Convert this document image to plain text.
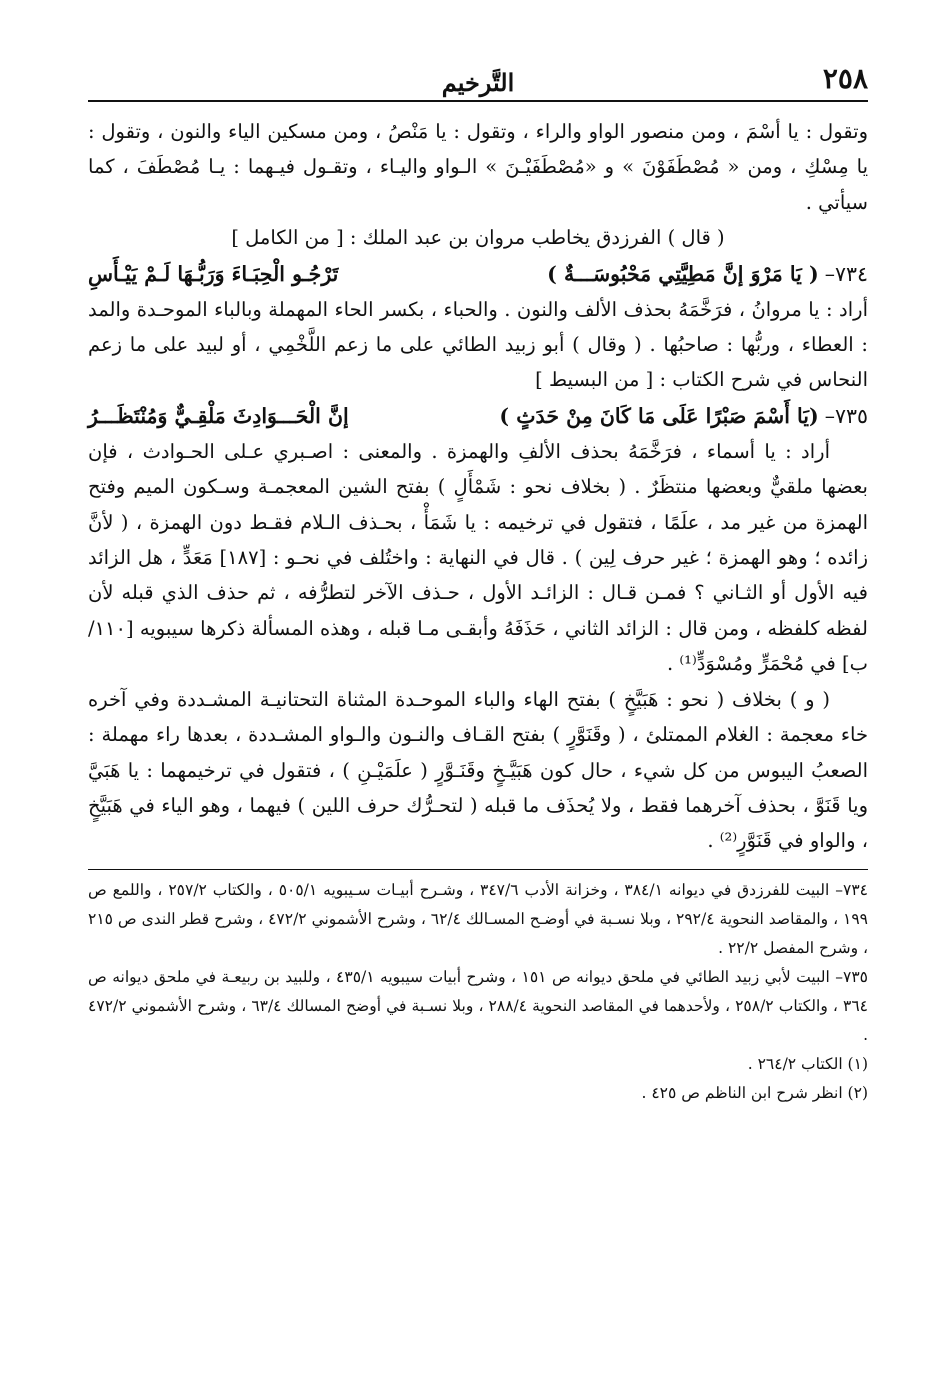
٢٥٨
التَّرخيم

وتقول : يا أسْمَ ، ومن منصور الواو والراء ، وتقول : يا مَنْصُ ، ومن مسكين الياء والنون ، وتقول : يا مِسْكِ ، ومن « مُصْطَفَوْنَ » و «مُصْطَفَيْـنَ » الـواو واليـاء ، وتقـول فيـهما : يـا مُصْطَفَ ، كما سيأتي .

( قال ) الفرزدق يخاطب مروان بن عبد الملك : [ من الكامل ]

٧٣٤–( يَا مَرْوَ إنَّ مَطِيَّتِي مَحْبُوسَـــةٌ )
تَرْجُـو الْحِبَـاءَ وَرَبُّـهَا لَـمْ يَيْـأَسِ

أراد : يا مروانُ ، فرَخَّمَهُ بحذف الألف والنون . والحباء ، بكسر الحاء المهملة وبالباء الموحـدة والمد : العطاء ، وربُّها : صاحبُها . ( وقال ) أبو زبيد الطائي على ما زعم اللَّخْمِي ، أو لبيد على ما زعم النحاس في شرح الكتاب : [ من البسيط ]

٧٣٥–(يَا أَسْمَ صَبْرًا عَلَى مَا كَانَ مِنْ حَدَثٍ )
إنَّ الْحَـــوَادِثَ مَلْقِـيٌّ وَمُنْتَظَـــرُ

أراد : يا أسماء ، فرَخَّمَهُ بحذف الألفِ والهمزة . والمعنى : اصـبري عـلى الحـوادث ، فإن بعضها ملقيٌّ وبعضها منتظَرٌ . ( بخلاف نحو : شَمْأَلٍ ) بفتح الشين المعجمـة وسـكون الميم وفتح الهمزة من غير مد ، علَمًا ، فتقول في ترخيمه : يا شَمَأْ ، بحـذف الـلام فقـط دون الهمزة ، ( لأنَّ زائده ؛ وهو الهمزة ؛ غير حرف لِين ) . قال في النهاية : واختُلف في نحـو : [١٨٧] مَعَدٍّ ، هل الزائد فيه الأول أو الثـاني ؟ فمـن قـال : الزائـد الأول ، حـذف الآخر لتطرُّفه ، ثم حذف الذي قبله لأن لفظه كلفظه ، ومن قال : الزائد الثاني ، حَذَفَهُ وأبقـى مـا قبله ، وهذه المسألة ذكرها سيبويه [١١٠/ب] في مُحْمَرٍّ ومُسْوَدٍّ⁽¹⁾ .

( و ) بخلاف ( نحو : هَبَيَّخٍ ) بفتح الهاء والباء الموحـدة المثناة التحتانيـة المشـددة وفي آخره خاء معجمة : الغلام الممتلئ ، ( وقَنَوَّرٍ ) بفتح القـاف والنـون والـواو المشـددة ، بعدها راء مهملة : الصعبُ اليبوس من كل شيء ، حال كون هَبَيَّـخٍ وقَنَـوَّرٍ ( علَمَيْـنِ ) ، فتقول في ترخيمهما : يا هَبَيَّ ويا قَنَوَّ ، بحذف آخرهما فقط ، ولا يُحذَف ما قبله ( لتحـرُّك حرف اللين ) فيهما ، وهو الياء في هَبَيَّخٍ ، والواو في قَنَوَّرٍ⁽²⁾ .

٧٣٤– البيت للفرزدق في ديوانه ٣٨٤/١ ، وخزانة الأدب ٣٤٧/٦ ، وشـرح أبيـات سـيبويه ٥٠٥/١ ، والكتاب ٢٥٧/٢ ، واللمع ص ١٩٩ ، والمقاصد النحوية ٢٩٢/٤ ، وبلا نسـبة في أوضـح المسـالك ٦٢/٤ ، وشرح الأشموني ٤٧٢/٢ ، وشرح قطر الندى ص ٢١٥ ، وشرح المفصل ٢٢/٢ .

٧٣٥– البيت لأبي زبيد الطائي في ملحق ديوانه ص ١٥١ ، وشرح أبيات سيبويه ٤٣٥/١ ، وللبيد بن ربيعـة في ملحق ديوانه ص ٣٦٤ ، والكتاب ٢٥٨/٢ ، ولأحدهما في المقاصد النحوية ٢٨٨/٤ ، وبلا نسـبة في أوضح المسالك ٦٣/٤ ، وشرح الأشموني ٤٧٢/٢ .

(١) الكتاب ٢٦٤/٢ .

(٢) انظر شرح ابن الناظم ص ٤٢٥ .
